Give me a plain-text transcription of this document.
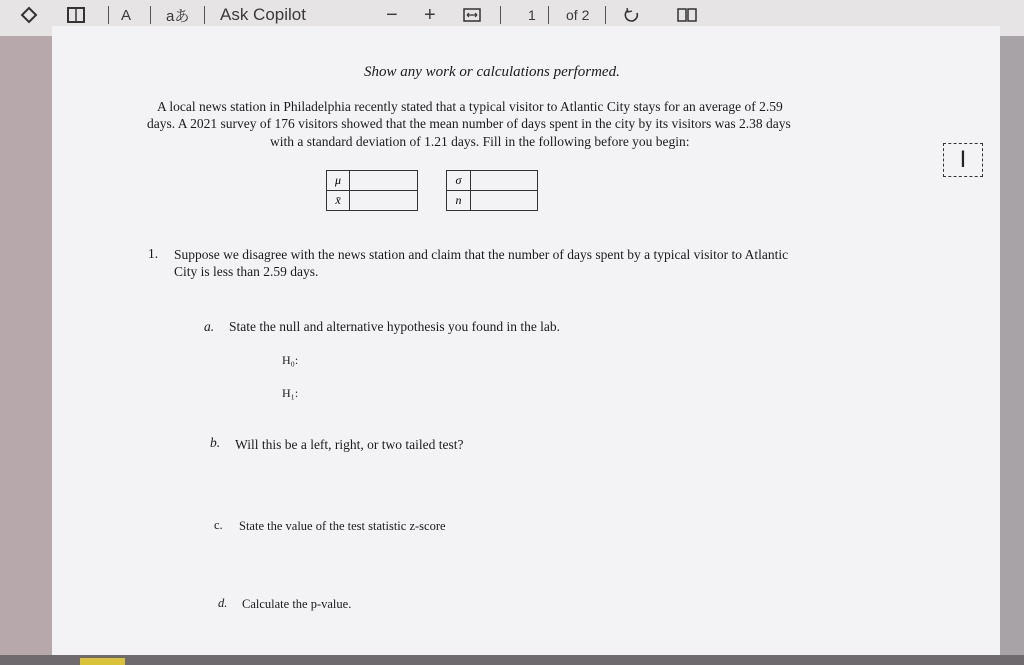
A aあ Ask Copilot	− +	1 of 2
Show any work or calculations performed.
A local news station in Philadelphia recently stated that a typical visitor to Atlantic City stays for an average of 2.59
days. A 2021 survey of 176 visitors showed that the mean number of days spent in the city by its visitors was 2.38 days
with a standard deviation of 1.21 days. Fill in the following before you begin:
μ
x̄
σ
n
I
1. Suppose we disagree with the news station and claim that the number of days spent by a typical visitor to Atlantic
City is less than 2.59 days.
a. State the null and alternative hypothesis you found in the lab.
H₀:
H₁:
b. Will this be a left, right, or two tailed test?
c. State the value of the test statistic z-score
d. Calculate the p-value.
